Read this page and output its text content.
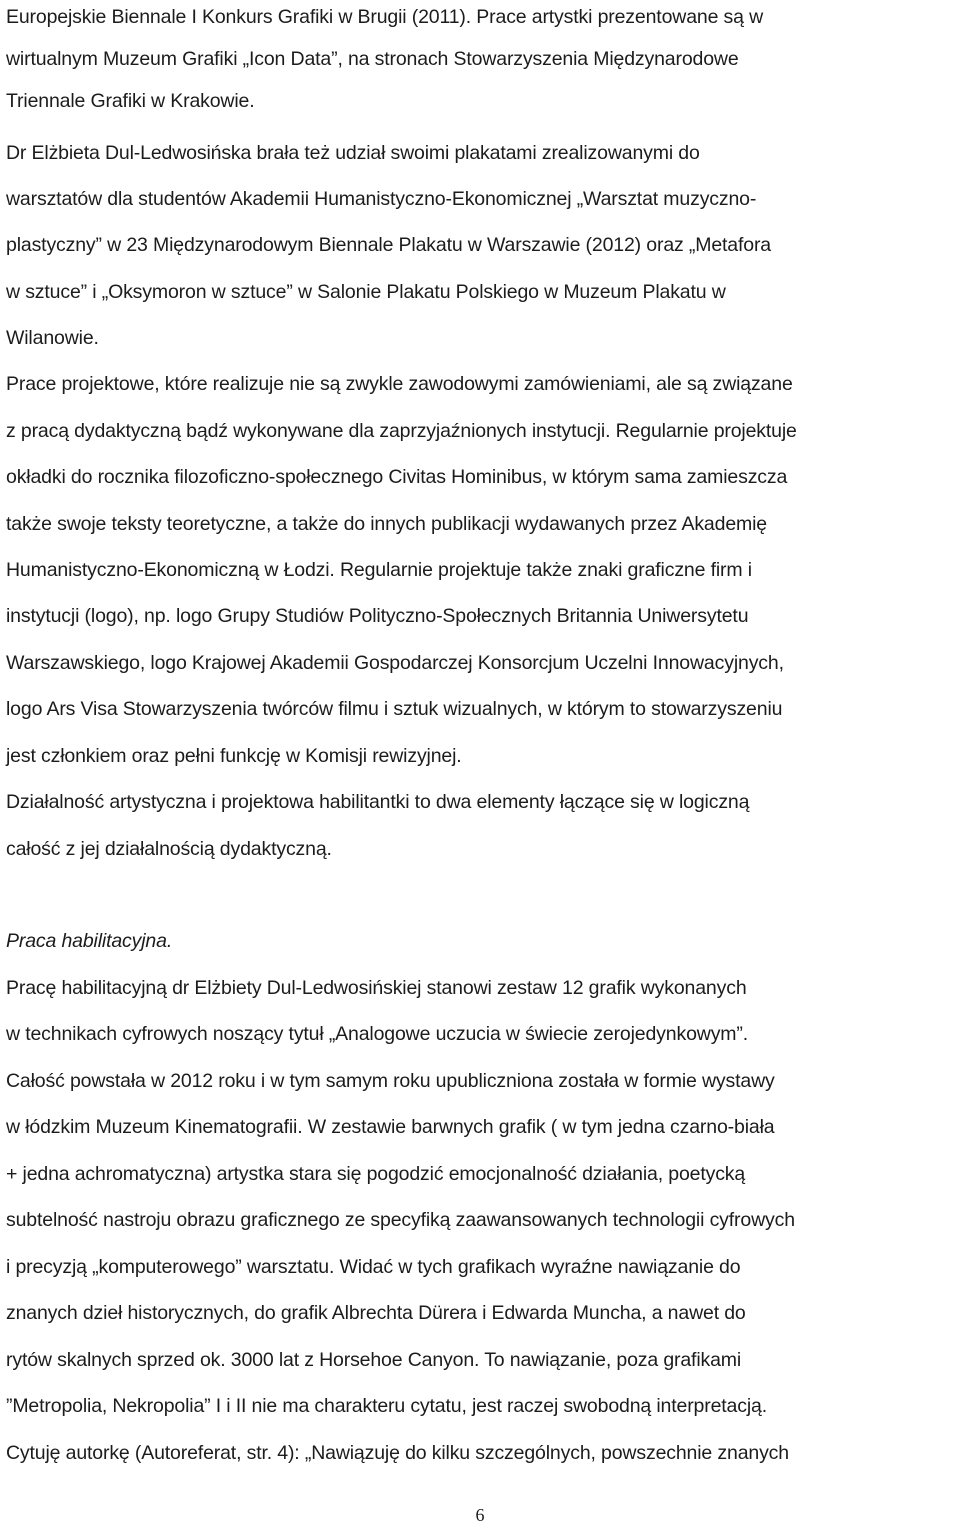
Europejskie Biennale I Konkurs Grafiki w Brugii (2011). Prace artystki prezentowane są w
wirtualnym Muzeum Grafiki „Icon Data”, na stronach Stowarzyszenia Międzynarodowe
Triennale Grafiki w Krakowie.
Dr Elżbieta Dul-Ledwosińska brała też udział swoimi plakatami zrealizowanymi do
warsztatów dla studentów Akademii Humanistyczno-Ekonomicznej „Warsztat muzyczno-
plastyczny” w 23 Międzynarodowym Biennale Plakatu w Warszawie (2012) oraz „Metafora
w sztuce” i „Oksymoron w sztuce” w Salonie Plakatu Polskiego w Muzeum Plakatu w
Wilanowie.
Prace projektowe, które realizuje nie są zwykle zawodowymi zamówieniami, ale są związane
z pracą dydaktyczną bądź wykonywane dla zaprzyjaźnionych instytucji. Regularnie projektuje
okładki do rocznika filozoficzno-społecznego Civitas Hominibus, w którym sama zamieszcza
także swoje teksty teoretyczne, a także do innych publikacji wydawanych przez Akademię
Humanistyczno-Ekonomiczną w Łodzi. Regularnie projektuje także znaki graficzne firm i
instytucji (logo), np. logo Grupy Studiów Polityczno-Społecznych Britannia Uniwersytetu
Warszawskiego, logo Krajowej Akademii Gospodarczej Konsorcjum Uczelni Innowacyjnych,
logo Ars Visa Stowarzyszenia twórców filmu i sztuk wizualnych, w którym to stowarzyszeniu
jest członkiem oraz pełni funkcję w Komisji rewizyjnej.
Działalność artystyczna i projektowa habilitantki to dwa elementy łączące się w logiczną
całość z jej działalnością dydaktyczną.
Praca habilitacyjna.
Pracę habilitacyjną dr Elżbiety Dul-Ledwosińskiej stanowi zestaw 12 grafik wykonanych
w technikach cyfrowych noszący tytuł „Analogowe uczucia w świecie zerojedynkowym”.
Całość powstała w 2012 roku i w tym samym roku upubliczniona została w formie wystawy
w łódzkim Muzeum Kinematografii. W zestawie barwnych grafik ( w tym jedna czarno-biała
+ jedna achromatyczna) artystka stara się pogodzić emocjonalność działania, poetycką
subtelność nastroju obrazu graficznego ze specyfiką zaawansowanych technologii cyfrowych
i precyzją „komputerowego” warsztatu. Widać w tych grafikach wyraźne nawiązanie do
znanych dzieł historycznych, do grafik Albrechta Dürera i Edwarda Muncha, a nawet do
rytów skalnych sprzed ok. 3000 lat z Horsehoe Canyon. To nawiązanie, poza grafikami
”Metropolia, Nekropolia” I i II nie ma charakteru cytatu, jest raczej swobodną interpretacją.
Cytuję autorkę (Autoreferat, str. 4): „Nawiązuję do kilku szczególnych, powszechnie znanych
6
